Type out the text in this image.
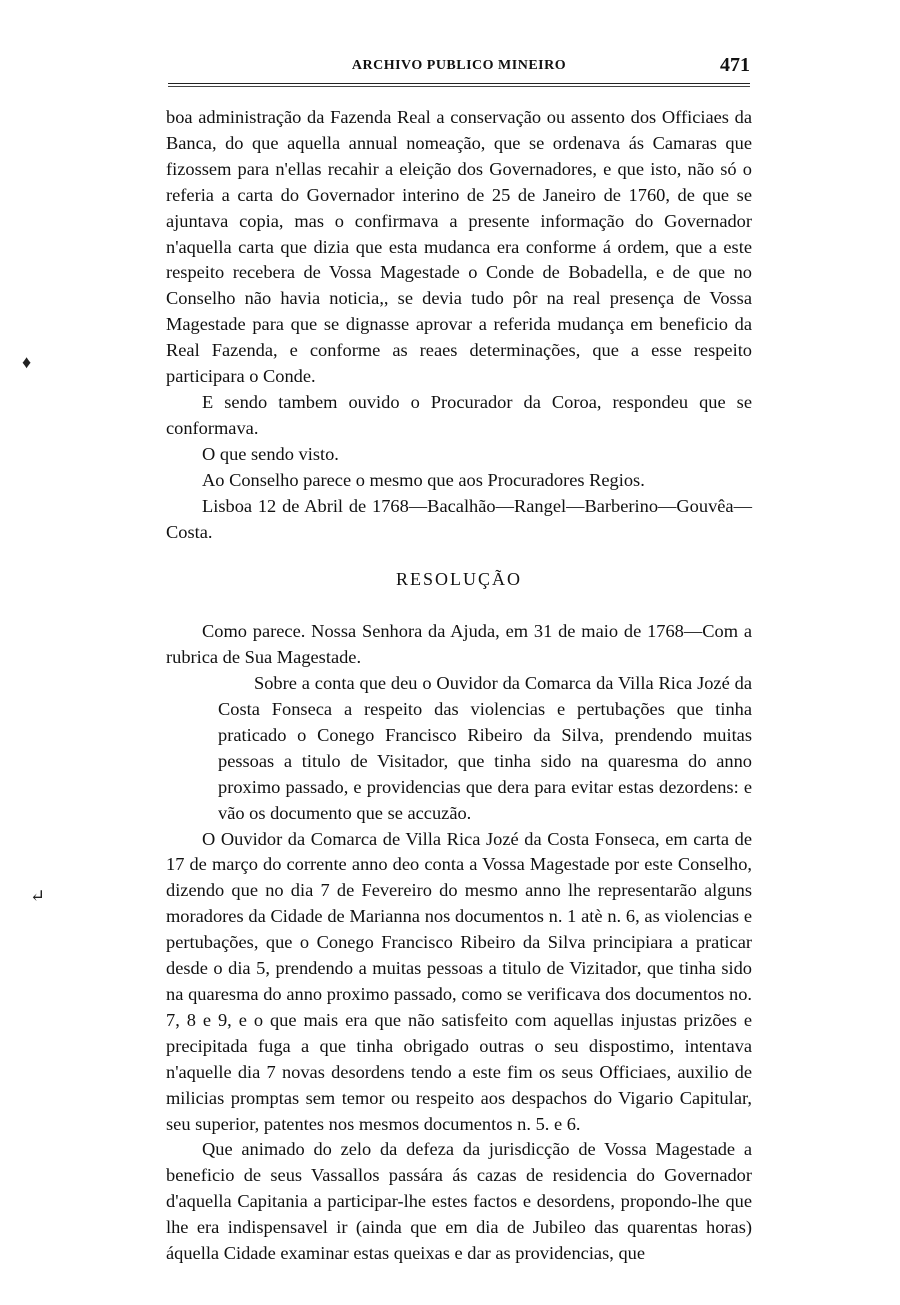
ARCHIVO PUBLICO MINEIRO	471
♦
↵

boa administração da Fazenda Real a conservação ou assento dos Officiaes da Banca, do que aquella annual nomeação, que se ordenava ás Camaras que fizossem para n'ellas recahir a eleição dos Governadores, e que isto, não só o referia a carta do Governador interino de 25 de Janeiro de 1760, de que se ajuntava copia, mas o confirmava a presente informação do Governador n'aquella carta que dizia que esta mudanca era conforme á ordem, que a este respeito recebera de Vossa Magestade o Conde de Bobadella, e de que no Conselho não havia noticia,, se devia tudo pôr na real presença de Vossa Magestade para que se dignasse aprovar a referida mudança em beneficio da Real Fazenda, e conforme as reaes determinações, que a esse respeito participara o Conde.

E sendo tambem ouvido o Procurador da Coroa, respondeu que se conformava.

O que sendo visto.

Ao Conselho parece o mesmo que aos Procuradores Regios.

Lisboa 12 de Abril de 1768—Bacalhão—Rangel—Barberino—Gouvêa—Costa.

RESOLUÇÃO

Como parece. Nossa Senhora da Ajuda, em 31 de maio de 1768—Com a rubrica de Sua Magestade.

Sobre a conta que deu o Ouvidor da Comarca da Villa Rica Jozé da Costa Fonseca a respeito das violencias e pertubações que tinha praticado o Conego Francisco Ribeiro da Silva, prendendo muitas pessoas a titulo de Visitador, que tinha sido na quaresma do anno proximo passado, e providencias que dera para evitar estas dezordens: e vão os documento que se accuzão.

O Ouvidor da Comarca de Villa Rica Jozé da Costa Fonseca, em carta de 17 de março do corrente anno deo conta a Vossa Magestade por este Conselho, dizendo que no dia 7 de Fevereiro do mesmo anno lhe representarão alguns moradores da Cidade de Marianna nos documentos n. 1 atè n. 6, as violencias e pertubações, que o Conego Francisco Ribeiro da Silva principiara a praticar desde o dia 5, prendendo a muitas pessoas a titulo de Vizitador, que tinha sido na quaresma do anno proximo passado, como se verificava dos documentos no. 7, 8 e 9, e o que mais era que não satisfeito com aquellas injustas prizões e precipitada fuga a que tinha obrigado outras o seu dispostimo, intentava n'aquelle dia 7 novas desordens tendo a este fim os seus Officiaes, auxilio de milicias promptas sem temor ou respeito aos despachos do Vigario Capitular, seu superior, patentes nos mesmos documentos n. 5. e 6.

Que animado do zelo da defeza da jurisdicção de Vossa Magestade a beneficio de seus Vassallos passára ás cazas de residencia do Governador d'aquella Capitania a participar-lhe estes factos e desordens, propondo-lhe que lhe era indispensavel ir (ainda que em dia de Jubileo das quarentas horas) áquella Cidade examinar estas queixas e dar as providencias, que
